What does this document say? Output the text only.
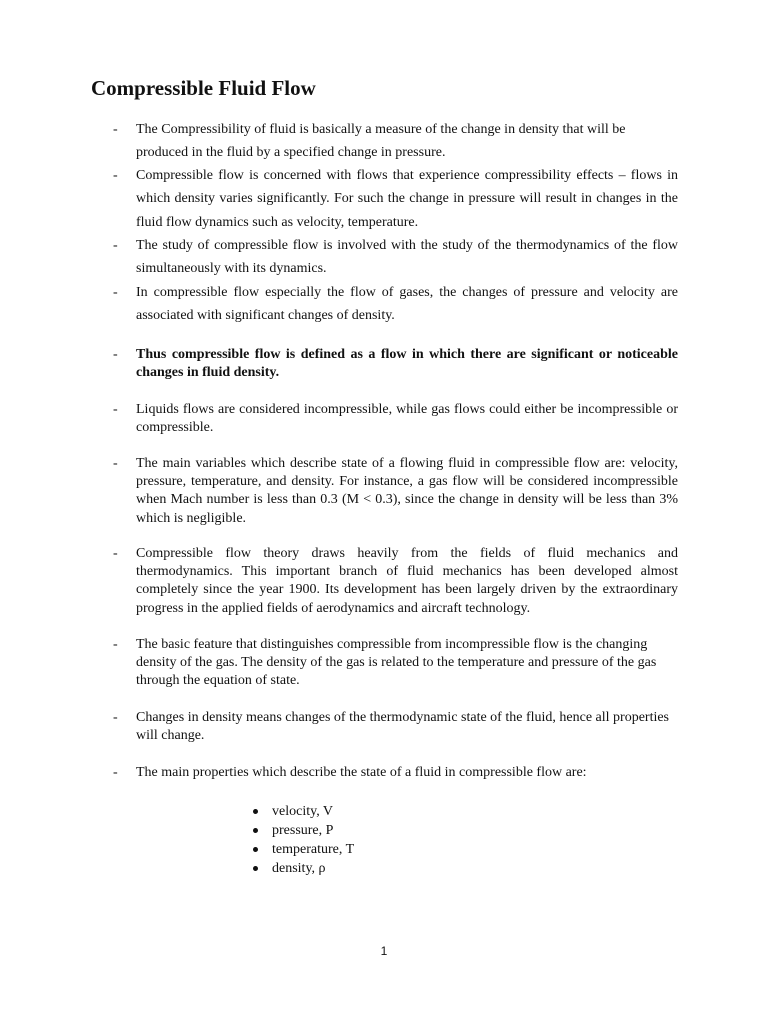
Compressible Fluid Flow
- The Compressibility of fluid is basically a measure of the change in density that will be produced in the fluid by a specified change in pressure.
- Compressible flow is concerned with flows that experience compressibility effects – flows in which density varies significantly. For such the change in pressure will result in changes in the fluid flow dynamics such as velocity, temperature.
- The study of compressible flow is involved with the study of the thermodynamics of the flow simultaneously with its dynamics.
- In compressible flow especially the flow of gases, the changes of pressure and velocity are associated with significant changes of density.
- Thus compressible flow is defined as a flow in which there are significant or noticeable changes in fluid density.
- Liquids flows are considered incompressible, while gas flows could either be incompressible or compressible.
- The main variables which describe state of a flowing fluid in compressible flow are: velocity, pressure, temperature, and density. For instance, a gas flow will be considered incompressible when Mach number is less than 0.3 (M < 0.3), since the change in density will be less than 3% which is negligible.
- Compressible flow theory draws heavily from the fields of fluid mechanics and thermodynamics. This important branch of fluid mechanics has been developed almost completely since the year 1900. Its development has been largely driven by the extraordinary progress in the applied fields of aerodynamics and aircraft technology.
- The basic feature that distinguishes compressible from incompressible flow is the changing density of the gas. The density of the gas is related to the temperature and pressure of the gas through the equation of state.
- Changes in density means changes of the thermodynamic state of the fluid, hence all properties will change.
- The main properties which describe the state of a fluid in compressible flow are:
velocity, V
pressure, P
temperature, T
density, ρ
1
